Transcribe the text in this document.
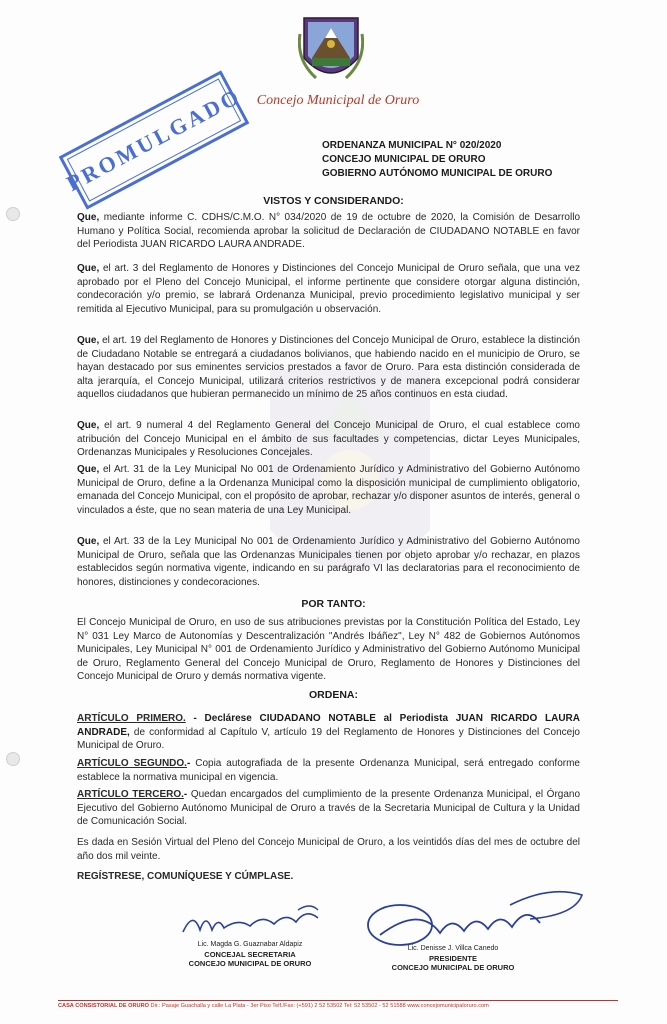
Concejo Municipal de Oruro
PROMULGADO	ORDENANZA MUNICIPAL N° 020/2020
CONCEJO MUNICIPAL DE ORURO
GOBIERNO AUTÓNOMO MUNICIPAL DE ORURO
VISTOS Y CONSIDERANDO:
Que, mediante informe C. CDHS/C.M.O. N° 034/2020 de 19 de octubre de 2020, la Comisión de Desarrollo Humano y Política Social, recomienda aprobar la solicitud de Declaración de CIUDADANO NOTABLE en favor del Periodista JUAN RICARDO LAURA ANDRADE.
Que, el art. 3 del Reglamento de Honores y Distinciones del Concejo Municipal de Oruro señala, que una vez aprobado por el Pleno del Concejo Municipal, el informe pertinente que considere otorgar alguna distinción, condecoración y/o premio, se labrará Ordenanza Municipal, previo procedimiento legislativo municipal y ser remitida al Ejecutivo Municipal, para su promulgación u observación.
Que, el art. 19 del Reglamento de Honores y Distinciones del Concejo Municipal de Oruro, establece la distinción de Ciudadano Notable se entregará a ciudadanos bolivianos, que habiendo nacido en el municipio de Oruro, se hayan destacado por sus eminentes servicios prestados a favor de Oruro. Para esta distinción considerada de alta jerarquía, el Concejo Municipal, utilizará criterios restrictivos y de manera excepcional podrá considerar aquellos ciudadanos que hubieran permanecido un mínimo de 25 años continuos en esta ciudad.
Que, el art. 9 numeral 4 del Reglamento General del Concejo Municipal de Oruro, el cual establece como atribución del Concejo Municipal en el ámbito de sus facultades y competencias, dictar Leyes Municipales, Ordenanzas Municipales y Resoluciones Concejales.
Que, el Art. 31 de la Ley Municipal No 001 de Ordenamiento Jurídico y Administrativo del Gobierno Autónomo Municipal de Oruro, define a la Ordenanza Municipal como la disposición municipal de cumplimiento obligatorio, emanada del Concejo Municipal, con el propósito de aprobar, rechazar y/o disponer asuntos de interés, general o vinculados a éste, que no sean materia de una Ley Municipal.
Que, el Art. 33 de la Ley Municipal No 001 de Ordenamiento Jurídico y Administrativo del Gobierno Autónomo Municipal de Oruro, señala que las Ordenanzas Municipales tienen por objeto aprobar y/o rechazar, en plazos establecidos según normativa vigente, indicando en su parágrafo VI las declaratorias para el reconocimiento de honores, distinciones y condecoraciones.
POR TANTO:
El Concejo Municipal de Oruro, en uso de sus atribuciones previstas por la Constitución Política del Estado, Ley N° 031 Ley Marco de Autonomías y Descentralización "Andrés Ibáñez", Ley N° 482 de Gobiernos Autónomos Municipales, Ley Municipal N° 001 de Ordenamiento Jurídico y Administrativo del Gobierno Autónomo Municipal de Oruro, Reglamento General del Concejo Municipal de Oruro, Reglamento de Honores y Distinciones del Concejo Municipal de Oruro y demás normativa vigente.
ORDENA:
ARTÍCULO PRIMERO. - Declárese CIUDADANO NOTABLE al Periodista JUAN RICARDO LAURA ANDRADE, de conformidad al Capítulo V, artículo 19 del Reglamento de Honores y Distinciones del Concejo Municipal de Oruro.
ARTÍCULO SEGUNDO.- Copia autografiada de la presente Ordenanza Municipal, será entregado conforme establece la normativa municipal en vigencia.
ARTÍCULO TERCERO.- Quedan encargados del cumplimiento de la presente Ordenanza Municipal, el Órgano Ejecutivo del Gobierno Autónomo Municipal de Oruro a través de la Secretaria Municipal de Cultura y la Unidad de Comunicación Social.
Es dada en Sesión Virtual del Pleno del Concejo Municipal de Oruro, a los veintidós días del mes de octubre del año dos mil veinte.
REGÍSTRESE, COMUNÍQUESE Y CÚMPLASE.
Lic. Magda G. Guaznabar Aldapiz
CONCEJAL SECRETARIA
CONCEJO MUNICIPAL DE ORURO
Lic. Denisse J. Villca Canedo
PRESIDENTE
CONCEJO MUNICIPAL DE ORURO
CASA CONSISTORIAL DE ORURO Dir.: Pasaje Guachalla y calle La Plata - 3er Piso Telf./Fax: (+591) 2 52 53502 Tel: 52 53502 - 52 51588 www.concejomunicipaloruro.com
